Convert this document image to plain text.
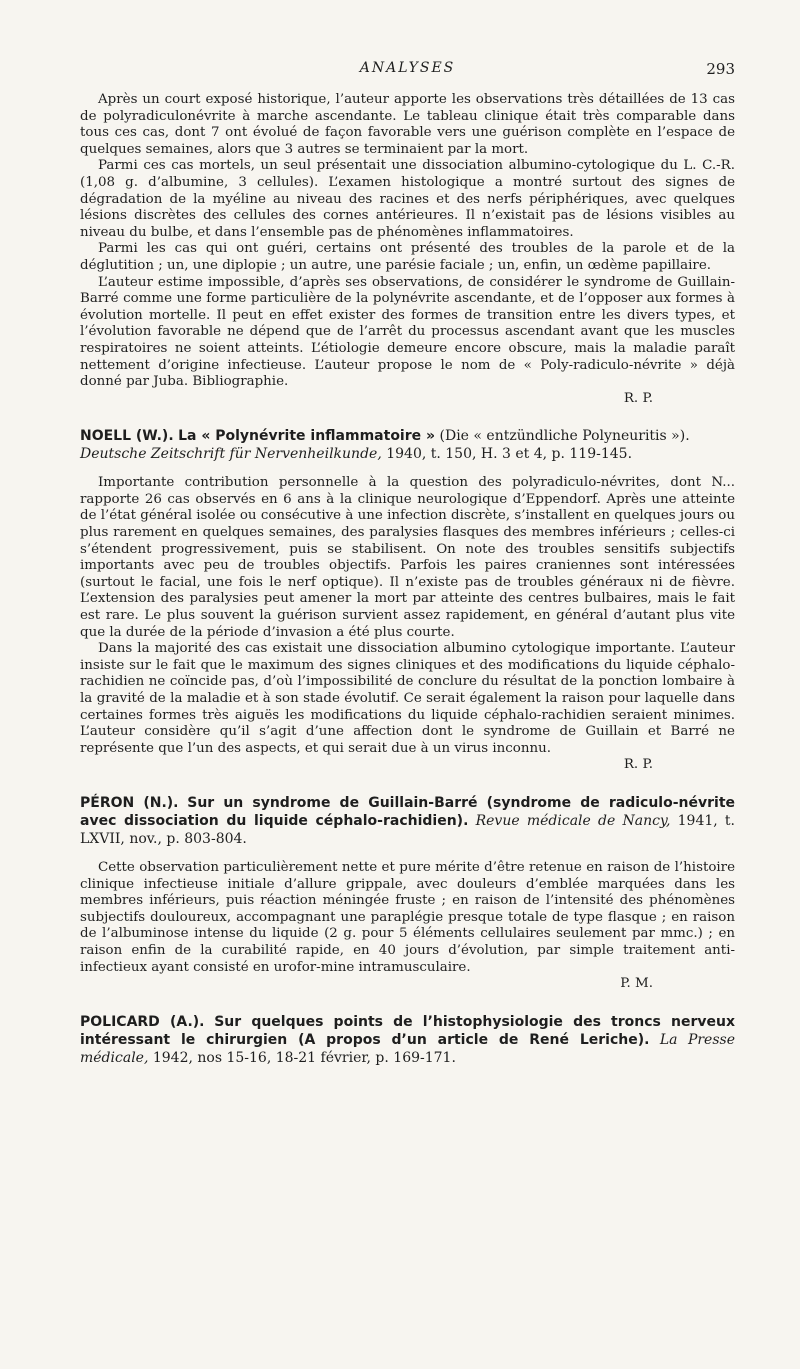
ANALYSES	293

Après un court exposé historique, l’auteur apporte les observations très détaillées de 13 cas de polyradiculonévrite à marche ascendante. Le tableau clinique était très comparable dans tous ces cas, dont 7 ont évolué de façon favorable vers une guérison complète en l’espace de quelques semaines, alors que 3 autres se terminaient par la mort.

Parmi ces cas mortels, un seul présentait une dissociation albumino-cytologique du L. C.-R. (1,08 g. d’albumine, 3 cellules). L’examen histologique a montré surtout des signes de dégradation de la myéline au niveau des racines et des nerfs périphériques, avec quelques lésions discrètes des cellules des cornes antérieures. Il n’existait pas de lésions visibles au niveau du bulbe, et dans l’ensemble pas de phénomènes inflammatoires.

Parmi les cas qui ont guéri, certains ont présenté des troubles de la parole et de la déglutition ; un, une diplopie ; un autre, une parésie faciale ; un, enfin, un œdème papillaire.

L’auteur estime impossible, d’après ses observations, de considérer le syndrome de Guillain-Barré comme une forme particulière de la polynévrite ascendante, et de l’opposer aux formes à évolution mortelle. Il peut en effet exister des formes de transition entre les divers types, et l’évolution favorable ne dépend que de l’arrêt du processus ascendant avant que les muscles respiratoires ne soient atteints. L’étiologie demeure encore obscure, mais la maladie paraît nettement d’origine infectieuse. L’auteur propose le nom de « Poly-radiculo-névrite » déjà donné par Juba. Bibliographie.

R. P.
NOELL (W.). La « Polynévrite inflammatoire » (Die « entzündliche Polyneuritis »).
Deutsche Zeitschrift für Nervenheilkunde, 1940, t. 150, H. 3 et 4, p. 119-145.

Importante contribution personnelle à la question des polyradiculo-névrites, dont N... rapporte 26 cas observés en 6 ans à la clinique neurologique d’Eppendorf. Après une atteinte de l’état général isolée ou consécutive à une infection discrète, s’installent en quelques jours ou plus rarement en quelques semaines, des paralysies flasques des membres inférieurs ; celles-ci s’étendent progressivement, puis se stabilisent. On note des troubles sensitifs subjectifs importants avec peu de troubles objectifs. Parfois les paires craniennes sont intéressées (surtout le facial, une fois le nerf optique). Il n’existe pas de troubles généraux ni de fièvre. L’extension des paralysies peut amener la mort par atteinte des centres bulbaires, mais le fait est rare. Le plus souvent la guérison survient assez rapidement, en général d’autant plus vite que la durée de la période d’invasion a été plus courte.

Dans la majorité des cas existait une dissociation albumino cytologique importante. L’auteur insiste sur le fait que le maximum des signes cliniques et des modifications du liquide céphalo-rachidien ne coïncide pas, d’où l’impossibilité de conclure du résultat de la ponction lombaire à la gravité de la maladie et à son stade évolutif. Ce serait également la raison pour laquelle dans certaines formes très aiguës les modifications du liquide céphalo-rachidien seraient minimes. L’auteur considère qu’il s’agit d’une affection dont le syndrome de Guillain et Barré ne représente que l’un des aspects, et qui serait due à un virus inconnu.

R. P.
PÉRON (N.). Sur un syndrome de Guillain-Barré (syndrome de radiculo-névrite avec dissociation du liquide céphalo-rachidien). Revue médicale de Nancy, 1941, t. LXVII, nov., p. 803-804.

Cette observation particulièrement nette et pure mérite d’être retenue en raison de l’histoire clinique infectieuse initiale d’allure grippale, avec douleurs d’emblée marquées dans les membres inférieurs, puis réaction méningée fruste ; en raison de l’intensité des phénomènes subjectifs douloureux, accompagnant une paraplégie presque totale de type flasque ; en raison de l’albuminose intense du liquide (2 g. pour 5 éléments cellulaires seulement par mmc.) ; en raison enfin de la curabilité rapide, en 40 jours d’évolution, par simple traitement anti-infectieux ayant consisté en urofor-mine intramusculaire.

P. M.
POLICARD (A.). Sur quelques points de l’histophysiologie des troncs nerveux intéressant le chirurgien (A propos d’un article de René Leriche). La Presse médicale, 1942, nos 15-16, 18-21 février, p. 169-171.
